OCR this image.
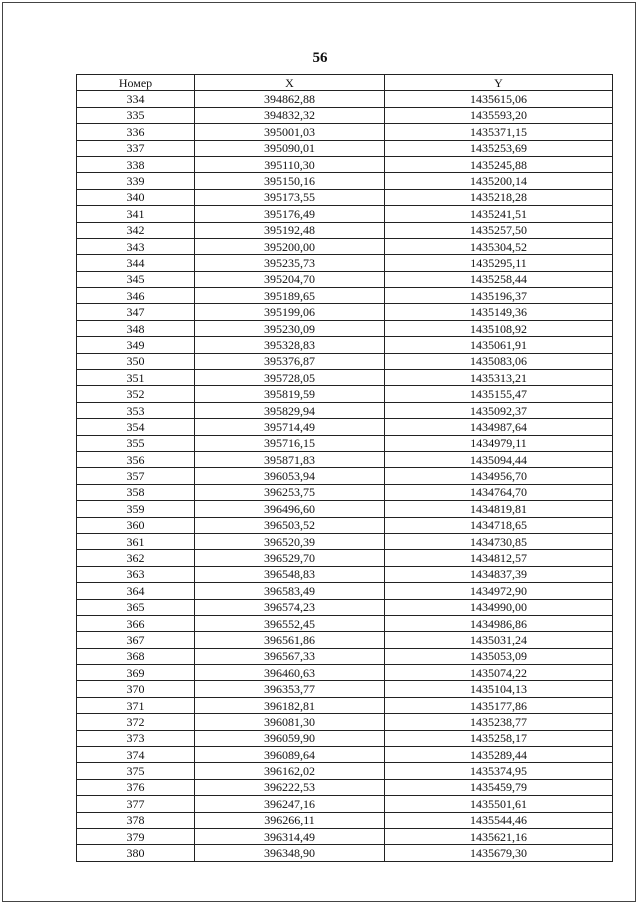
56
Номер	X	Y
334	394862,88	1435615,06
335	394832,32	1435593,20
336	395001,03	1435371,15
337	395090,01	1435253,69
338	395110,30	1435245,88
339	395150,16	1435200,14
340	395173,55	1435218,28
341	395176,49	1435241,51
342	395192,48	1435257,50
343	395200,00	1435304,52
344	395235,73	1435295,11
345	395204,70	1435258,44
346	395189,65	1435196,37
347	395199,06	1435149,36
348	395230,09	1435108,92
349	395328,83	1435061,91
350	395376,87	1435083,06
351	395728,05	1435313,21
352	395819,59	1435155,47
353	395829,94	1435092,37
354	395714,49	1434987,64
355	395716,15	1434979,11
356	395871,83	1435094,44
357	396053,94	1434956,70
358	396253,75	1434764,70
359	396496,60	1434819,81
360	396503,52	1434718,65
361	396520,39	1434730,85
362	396529,70	1434812,57
363	396548,83	1434837,39
364	396583,49	1434972,90
365	396574,23	1434990,00
366	396552,45	1434986,86
367	396561,86	1435031,24
368	396567,33	1435053,09
369	396460,63	1435074,22
370	396353,77	1435104,13
371	396182,81	1435177,86
372	396081,30	1435238,77
373	396059,90	1435258,17
374	396089,64	1435289,44
375	396162,02	1435374,95
376	396222,53	1435459,79
377	396247,16	1435501,61
378	396266,11	1435544,46
379	396314,49	1435621,16
380	396348,90	1435679,30
